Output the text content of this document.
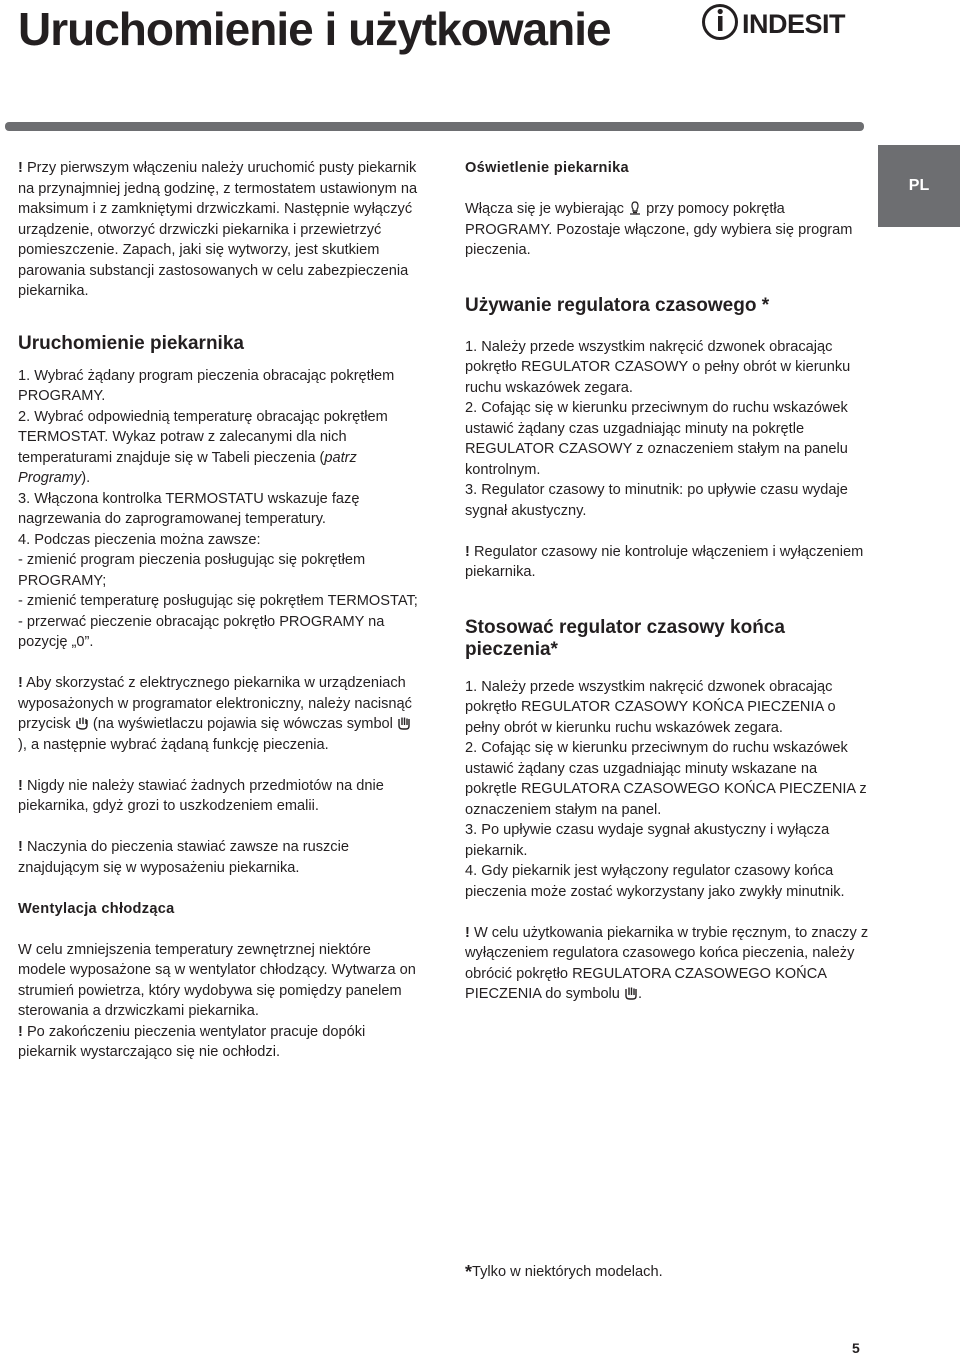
Uruchomienie i użytkowanie	INDESIT
PL

! Przy pierwszym włączeniu należy uruchomić pusty piekarnik na przynajmniej jedną godzinę, z termostatem ustawionym na maksimum i z zamkniętymi drzwiczkami. Następnie wyłączyć urządzenie, otworzyć drzwiczki piekarnika i przewietrzyć pomieszczenie. Zapach, jaki się wytworzy, jest skutkiem parowania substancji zastosowanych w celu zabezpieczenia piekarnika.

Uruchomienie piekarnika

1. Wybrać żądany program pieczenia obracając pokrętłem PROGRAMY.

2. Wybrać odpowiednią temperaturę obracając pokrętłem TERMOSTAT. Wykaz potraw z zalecanymi dla nich temperaturami znajduje się w Tabeli pieczenia (patrz Programy).

3. Włączona kontrolka TERMOSTATU wskazuje fazę nagrzewania do zaprogramowanej temperatury.

4. Podczas pieczenia można zawsze:

- zmienić program pieczenia posługując się pokrętłem PROGRAMY;

- zmienić temperaturę posługując się pokrętłem TERMOSTAT;

- przerwać pieczenie obracając pokrętło PROGRAMY na pozycję „0”.

! Aby skorzystać z elektrycznego piekarnika w urządzeniach wyposażonych w programator elektroniczny, należy nacisnąć przycisk (na wyświetlaczu pojawia się wówczas symbol ), a następnie wybrać żądaną funkcję pieczenia.

! Nigdy nie należy stawiać żadnych przedmiotów na dnie piekarnika, gdyż grozi to uszkodzeniem emalii.

! Naczynia do pieczenia stawiać zawsze na ruszcie znajdującym się w wyposażeniu piekarnika.

Wentylacja chłodząca

W celu zmniejszenia temperatury zewnętrznej niektóre modele wyposażone są w wentylator chłodzący. Wytwarza on strumień powietrza, który wydobywa się pomiędzy panelem sterowania a drzwiczkami piekarnika.

! Po zakończeniu pieczenia wentylator pracuje dopóki piekarnik wystarczająco się nie ochłodzi.

Oświetlenie piekarnika

Włącza się je wybierając przy pomocy pokrętła PROGRAMY. Pozostaje włączone, gdy wybiera się program pieczenia.

Używanie regulatora czasowego *

1. Należy przede wszystkim nakręcić dzwonek obracając pokrętło REGULATOR CZASOWY o pełny obrót w kierunku ruchu wskazówek zegara.

2. Cofając się w kierunku przeciwnym do ruchu wskazówek ustawić żądany czas uzgadniając minuty na pokrętle REGULATOR CZASOWY z oznaczeniem stałym na panelu kontrolnym.

3. Regulator czasowy to minutnik: po upływie czasu wydaje sygnał akustyczny.

! Regulator czasowy nie kontroluje włączeniem i wyłączeniem piekarnika.

Stosować regulator czasowy końca pieczenia*

1. Należy przede wszystkim nakręcić dzwonek obracając pokrętło REGULATOR CZASOWY KOŃCA PIECZENIA o pełny obrót w kierunku ruchu wskazówek zegara.

2. Cofając się w kierunku przeciwnym do ruchu wskazówek ustawić żądany czas uzgadniając minuty wskazane na pokrętle REGULATORA CZASOWEGO KOŃCA PIECZENIA z oznaczeniem stałym na panel.

3. Po upływie czasu wydaje sygnał akustyczny i wyłącza piekarnik.

4. Gdy piekarnik jest wyłączony regulator czasowy końca pieczenia może zostać wykorzystany jako zwykły minutnik.

! W celu użytkowania piekarnika w trybie ręcznym, to znaczy z wyłączeniem regulatora czasowego końca pieczenia, należy obrócić pokrętło REGULATORA CZASOWEGO KOŃCA PIECZENIA do symbolu .

*Tylko w niektórych modelach.
5
